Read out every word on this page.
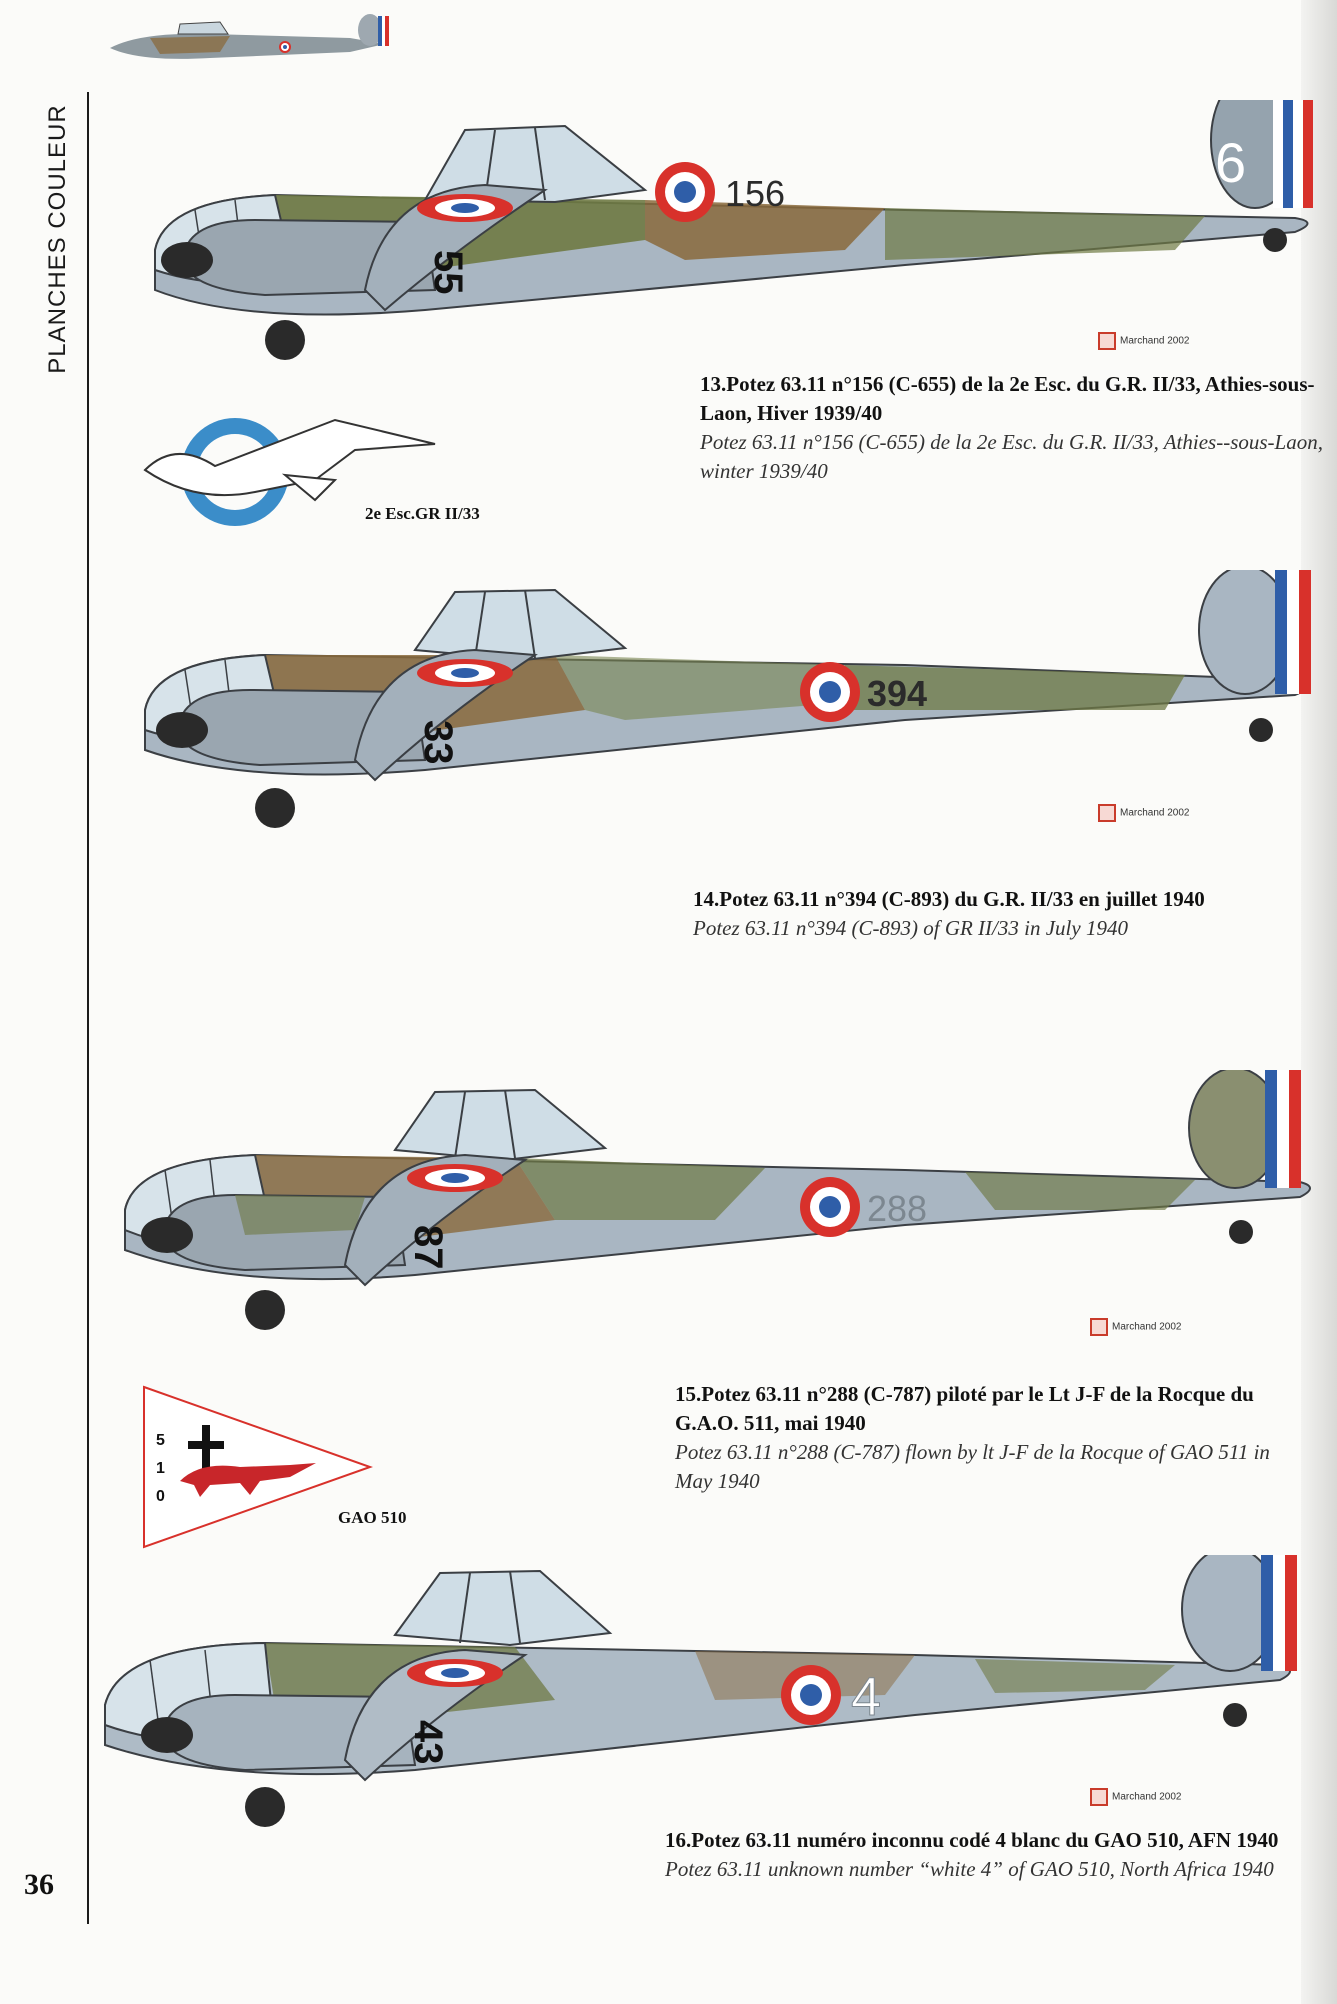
PLANCHES COULEUR
36
55
156	6
Marchand 2002
2e Esc.GR II/33
13.Potez 63.11 n°156 (C-655) de la 2e Esc. du G.R. II/33, Athies-sous-Laon, Hiver 1939/40
Potez 63.11 n°156 (C-655) de la 2e Esc. du G.R. II/33, Athies--sous-Laon, winter 1939/40
33
394
Marchand 2002
14.Potez 63.11 n°394 (C-893) du G.R. II/33 en juillet 1940
Potez 63.11 n°394 (C-893) of GR II/33 in July 1940
87
288
Marchand 2002
5
1
0
GAO 510
15.Potez 63.11 n°288 (C-787) piloté par le Lt J-F de la Rocque du G.A.O. 511, mai 1940
Potez 63.11 n°288 (C-787) flown by lt J-F de la Rocque of GAO 511 in May 1940
43
4
Marchand 2002
16.Potez 63.11 numéro inconnu codé 4 blanc du GAO 510, AFN 1940
Potez 63.11 unknown number “white 4” of GAO 510, North Africa 1940
